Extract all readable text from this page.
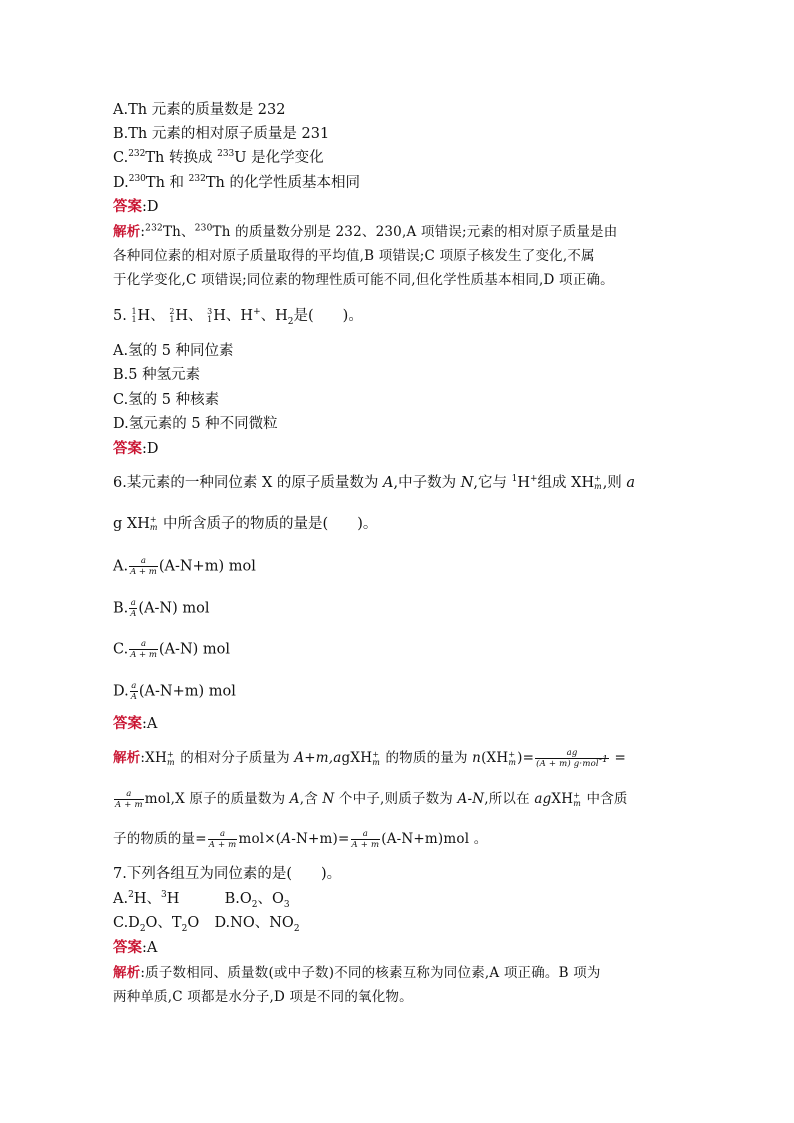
A.Th 元素的质量数是 232
B.Th 元素的相对原子质量是 231
C.$^{232}$Th 转换成 $^{233}$U 是化学变化
D.$^{230}$Th 和 $^{232}$Th 的化学性质基本相同
答案:D
解析:$^{232}$Th、$^{230}$Th 的质量数分别是 232、230,A 项错误;元素的相对原子质量是由
各种同位素的相对原子质量取得的平均值,B 项错误;C 项原子核发生了变化,不属
于化学变化,C 项错误;同位素的物理性质可能不同,但化学性质基本相同,D 项正确。
5. 1
1 H、 2
1 H、 3
1 H、H+、$H_2$是(　　)。
A.氢的 5 种同位素
B.5 种氢元素
C.氢的 5 种核素
D.氢元素的 5 种不同微粒
答案:D
6.某元素的一种同位素 X 的原子质量数为 A,中子数为 N,它与 $^1$H+组成 XH +
m,则 a
g XH +
m 中所含质子的物质的量是(　　)。
A. $\frac{a}{A + m} (A-N+m)$ mol
B. $\frac{a}{A} (A-N)$ mol
C. $\frac{a}{A + m} (A-N)$ mol
D. $\frac{a}{A} (A-N+m)$ mol
答案:A
解析:XH +
m 的相对分子质量为 A+m,agXH +
m 的物质的量为 n(XH +
$m)= \frac{ag}{(A + m) g\cdot mol^{-1}}$ =
$\frac{a}{A + m} mol,X$ 原子的质量数为 A,含 N 个中子,则质子数为 A-N,所以在 agXH +
m 中含质
子的物质的量= $\frac{a}{A + m} mol\times(A-N+m)= \frac{a}{A + m} (A-N+m)mol$ 。
7.下列各组互为同位素的是(　　)。
A.$^2$H、$^3$H	$B.O_2$、$O_3$
$C.D_2O$、$T_2O$ D.NO、$NO_2$
答案:A
解析:质子数相同、质量数(或中子数)不同的核素互称为同位素,A 项正确。B 项为
两种单质,C 项都是水分子,D 项是不同的氧化物。
